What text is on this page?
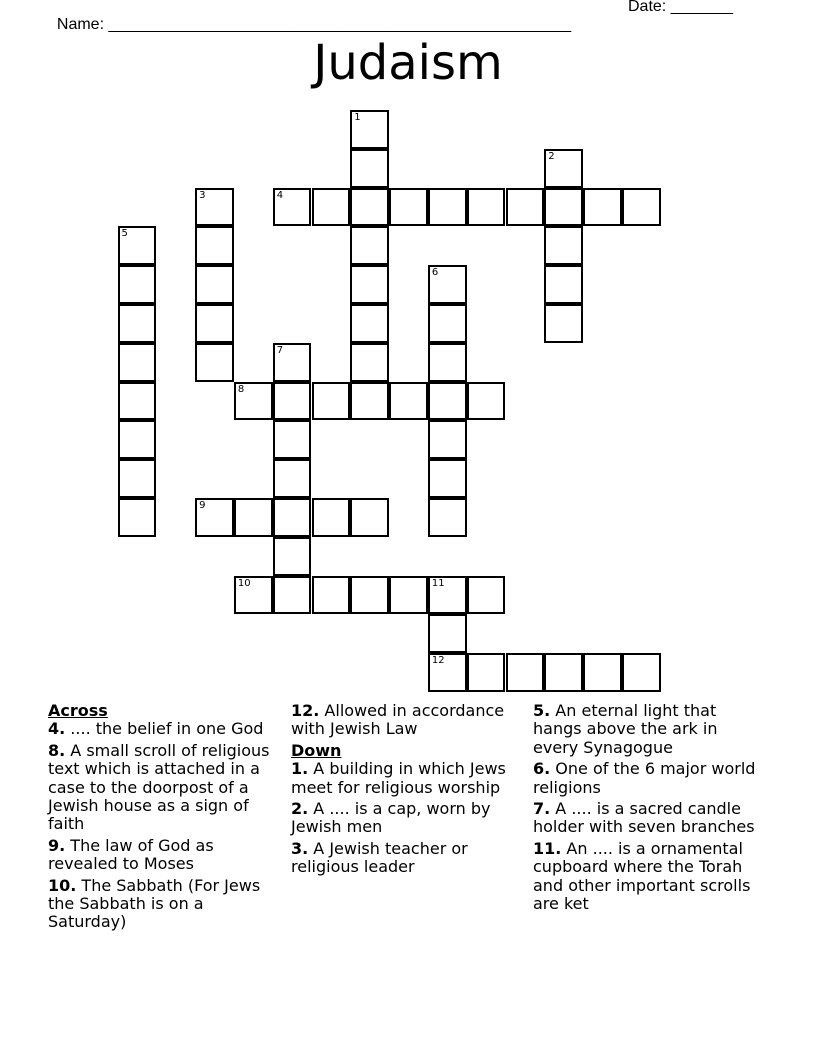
Name: ____________________________________________________

Date: _______

Judaism
1
2
3	4
5
6
7
8
9
10	11
12
Across
4. .... the belief in one God
8. A small scroll of religious text which is attached in a case to the doorpost of a Jewish house as a sign of faith
9. The law of God as revealed to Moses
10. The Sabbath (For Jews the Sabbath is on a Saturday)
12. Allowed in accordance with Jewish Law
Down
1. A building in which Jews meet for religious worship
2. A .... is a cap, worn by Jewish men
3. A Jewish teacher or religious leader
5. An eternal light that hangs above the ark in every Synagogue
6. One of the 6 major world religions
7. A .... is a sacred candle holder with seven branches
11. An .... is a ornamental cupboard where the Torah and other important scrolls are ket
